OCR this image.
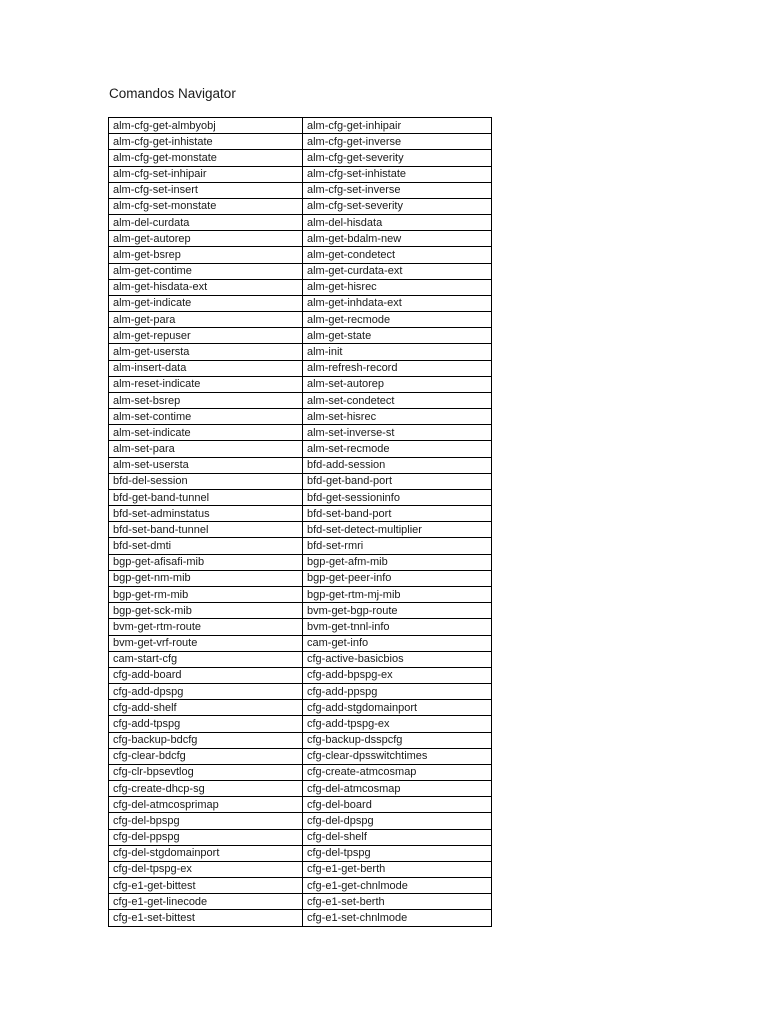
Comandos Navigator
alm-cfg-get-almbyobj	alm-cfg-get-inhipair
alm-cfg-get-inhistate	alm-cfg-get-inverse
alm-cfg-get-monstate	alm-cfg-get-severity
alm-cfg-set-inhipair	alm-cfg-set-inhistate
alm-cfg-set-insert	alm-cfg-set-inverse
alm-cfg-set-monstate	alm-cfg-set-severity
alm-del-curdata	alm-del-hisdata
alm-get-autorep	alm-get-bdalm-new
alm-get-bsrep	alm-get-condetect
alm-get-contime	alm-get-curdata-ext
alm-get-hisdata-ext	alm-get-hisrec
alm-get-indicate	alm-get-inhdata-ext
alm-get-para	alm-get-recmode
alm-get-repuser	alm-get-state
alm-get-usersta	alm-init
alm-insert-data	alm-refresh-record
alm-reset-indicate	alm-set-autorep
alm-set-bsrep	alm-set-condetect
alm-set-contime	alm-set-hisrec
alm-set-indicate	alm-set-inverse-st
alm-set-para	alm-set-recmode
alm-set-usersta	bfd-add-session
bfd-del-session	bfd-get-band-port
bfd-get-band-tunnel	bfd-get-sessioninfo
bfd-set-adminstatus	bfd-set-band-port
bfd-set-band-tunnel	bfd-set-detect-multiplier
bfd-set-dmti	bfd-set-rmri
bgp-get-afisafi-mib	bgp-get-afm-mib
bgp-get-nm-mib	bgp-get-peer-info
bgp-get-rm-mib	bgp-get-rtm-mj-mib
bgp-get-sck-mib	bvm-get-bgp-route
bvm-get-rtm-route	bvm-get-tnnl-info
bvm-get-vrf-route	cam-get-info
cam-start-cfg	cfg-active-basicbios
cfg-add-board	cfg-add-bpspg-ex
cfg-add-dpspg	cfg-add-ppspg
cfg-add-shelf	cfg-add-stgdomainport
cfg-add-tpspg	cfg-add-tpspg-ex
cfg-backup-bdcfg	cfg-backup-dsspcfg
cfg-clear-bdcfg	cfg-clear-dpsswitchtimes
cfg-clr-bpsevtlog	cfg-create-atmcosmap
cfg-create-dhcp-sg	cfg-del-atmcosmap
cfg-del-atmcosprimap	cfg-del-board
cfg-del-bpspg	cfg-del-dpspg
cfg-del-ppspg	cfg-del-shelf
cfg-del-stgdomainport	cfg-del-tpspg
cfg-del-tpspg-ex	cfg-e1-get-berth
cfg-e1-get-bittest	cfg-e1-get-chnlmode
cfg-e1-get-linecode	cfg-e1-set-berth
cfg-e1-set-bittest	cfg-e1-set-chnlmode
